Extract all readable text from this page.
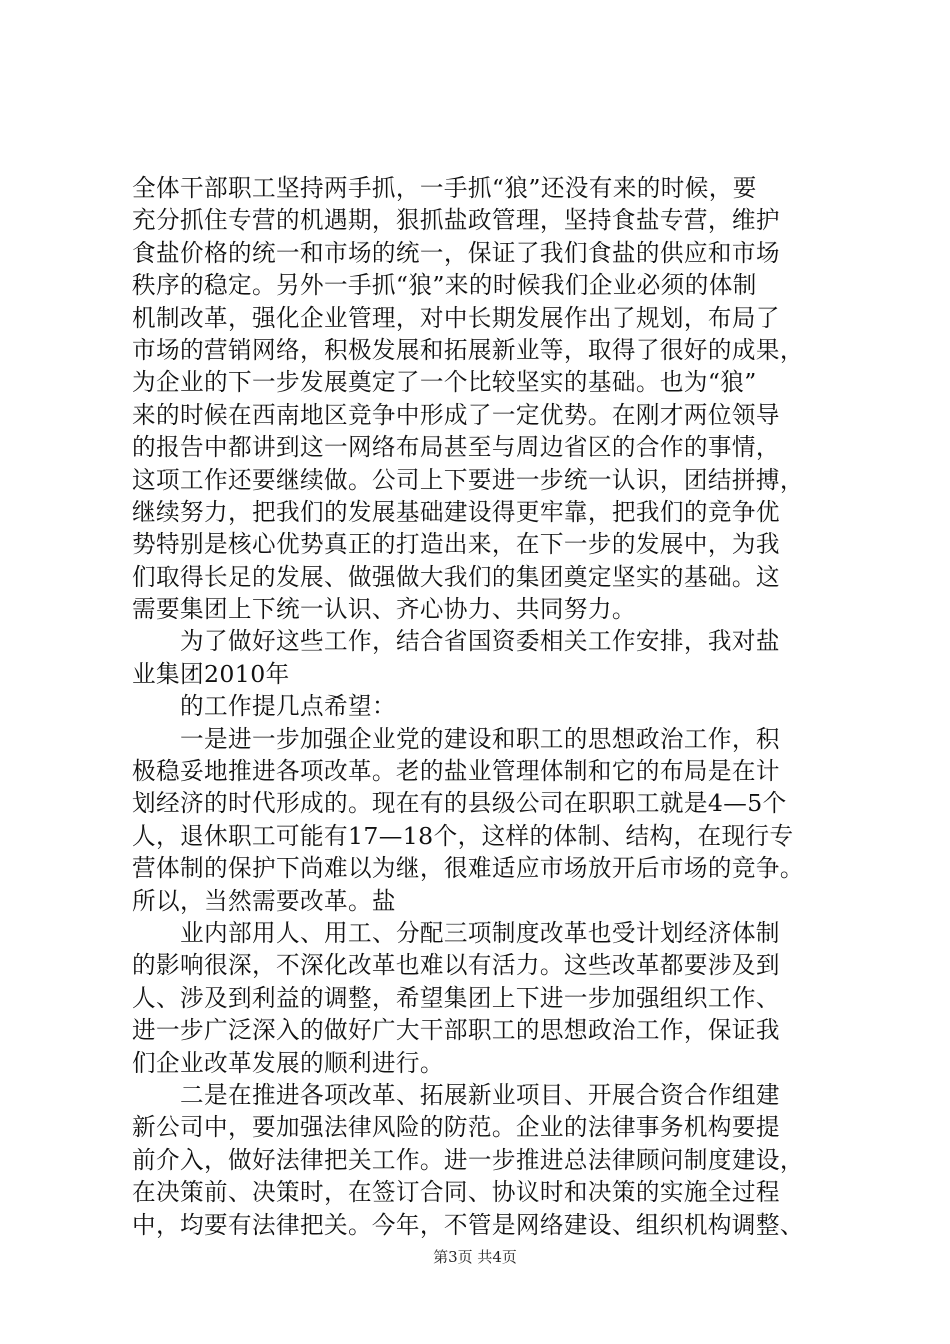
全体干部职工坚持两手抓，一手抓“狼”还没有来的时候，要
充分抓住专营的机遇期，狠抓盐政管理，坚持食盐专营，维护
食盐价格的统一和市场的统一，保证了我们食盐的供应和市场
秩序的稳定。另外一手抓“狼”来的时候我们企业必须的体制
机制改革，强化企业管理，对中长期发展作出了规划，布局了
市场的营销网络，积极发展和拓展新业等，取得了很好的成果，
为企业的下一步发展奠定了一个比较坚实的基础。也为“狼”
来的时候在西南地区竞争中形成了一定优势。在刚才两位领导
的报告中都讲到这一网络布局甚至与周边省区的合作的事情，
这项工作还要继续做。公司上下要进一步统一认识，团结拼搏，
继续努力，把我们的发展基础建设得更牢靠，把我们的竞争优
势特别是核心优势真正的打造出来，在下一步的发展中，为我
们取得长足的发展、做强做大我们的集团奠定坚实的基础。这
需要集团上下统一认识、齐心协力、共同努力。
为了做好这些工作，结合省国资委相关工作安排，我对盐
业集团2010年
的工作提几点希望：
一是进一步加强企业党的建设和职工的思想政治工作，积
极稳妥地推进各项改革。老的盐业管理体制和它的布局是在计
划经济的时代形成的。现在有的县级公司在职职工就是4—5个
人，退休职工可能有17—18个，这样的体制、结构，在现行专
营体制的保护下尚难以为继，很难适应市场放开后市场的竞争。
所以，当然需要改革。盐
业内部用人、用工、分配三项制度改革也受计划经济体制
的影响很深，不深化改革也难以有活力。这些改革都要涉及到
人、涉及到利益的调整，希望集团上下进一步加强组织工作、
进一步广泛深入的做好广大干部职工的思想政治工作，保证我
们企业改革发展的顺利进行。
二是在推进各项改革、拓展新业项目、开展合资合作组建
新公司中，要加强法律风险的防范。企业的法律事务机构要提
前介入，做好法律把关工作。进一步推进总法律顾问制度建设，
在决策前、决策时，在签订合同、协议时和决策的实施全过程
中，均要有法律把关。今年，不管是网络建设、组织机构调整、
第3页 共4页
